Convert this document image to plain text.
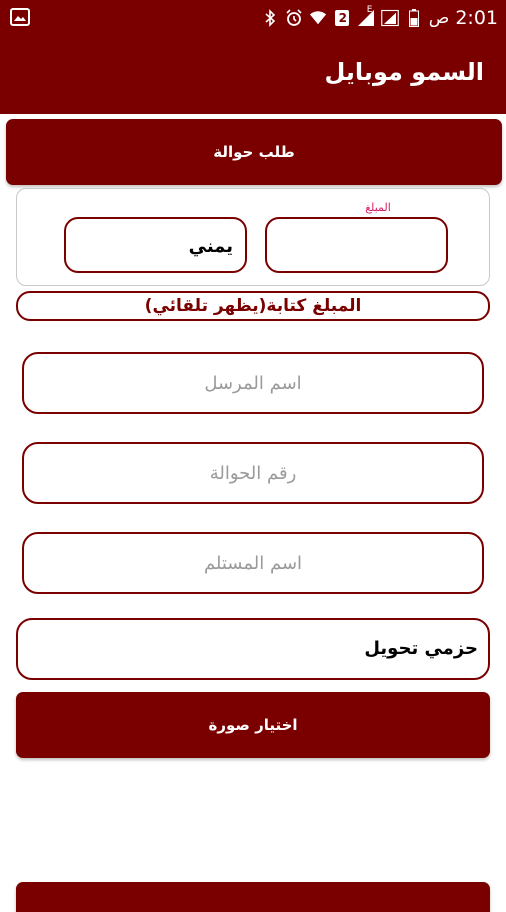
2
E	ص 2:01
السمو موبايل
طلب حوالة
المبلغ
يمني
المبلغ كتابة(يظهر تلقائي)
اسم المرسل
رقم الحوالة
اسم المستلم
حزمي تحويل
اختيار صورة
